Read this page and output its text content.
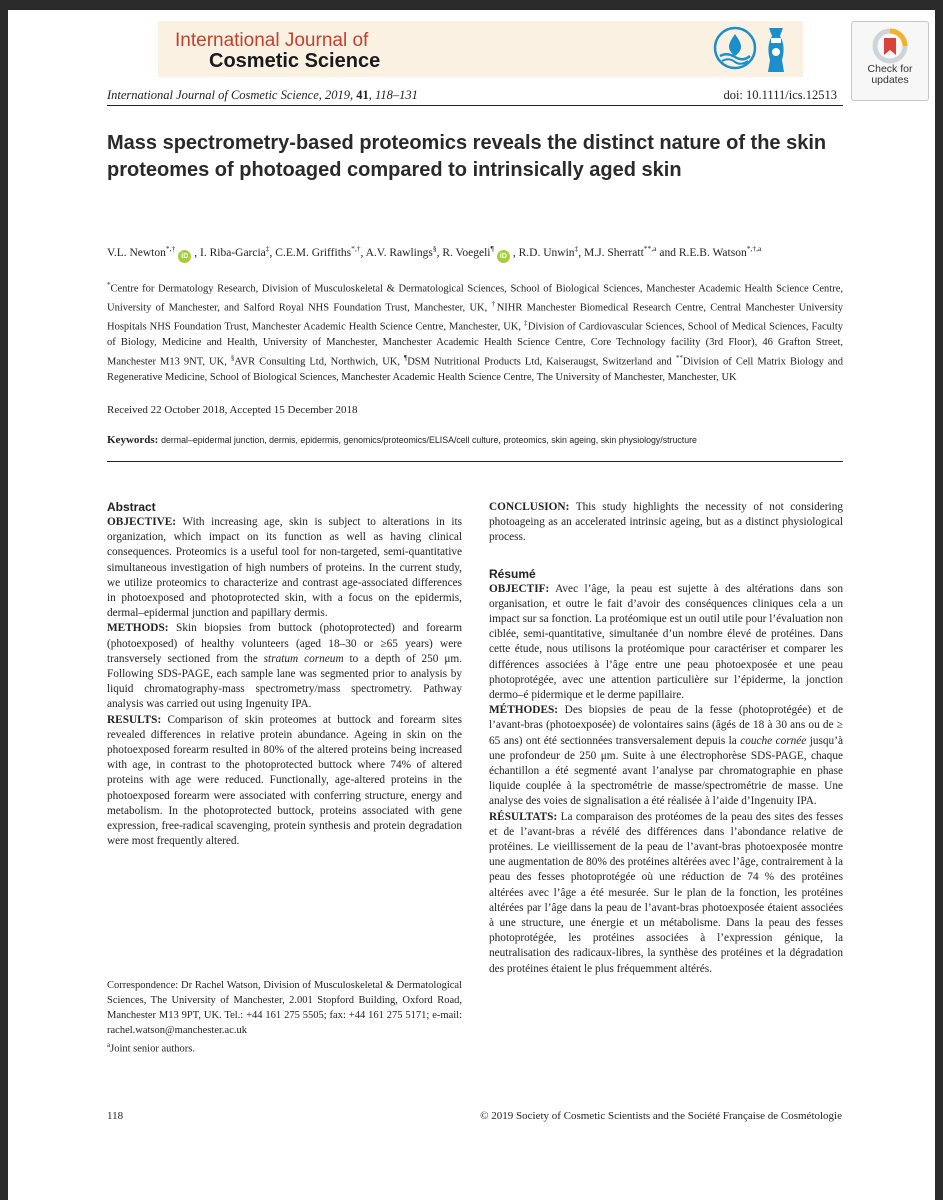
International Journal of
Cosmetic Science	Check for
updates
International Journal of Cosmetic Science, 2019, 41, 118–131	doi: 10.1111/ics.12513
Mass spectrometry-based proteomics reveals the distinct nature of the skin proteomes of photoaged compared to intrinsically aged skin
V.L. Newton*,†iD , I. Riba-Garcia‡, C.E.M. Griffiths*,†, A.V. Rawlings§, R. Voegeli¶iD , R.D. Unwin‡, M.J. Sherratt$^{**,a}$ and R.E.B. Watson$^{*,\dagger,a}$
*Centre for Dermatology Research, Division of Musculoskeletal & Dermatological Sciences, School of Biological Sciences, Manchester Academic Health Science Centre, University of Manchester, and Salford Royal NHS Foundation Trust, Manchester, UK, †NIHR Manchester Biomedical Research Centre, Central Manchester University Hospitals NHS Foundation Trust, Manchester Academic Health Science Centre, Manchester, UK, ‡Division of Cardiovascular Sciences, School of Medical Sciences, Faculty of Biology, Medicine and Health, University of Manchester, Manchester Academic Health Science Centre, Core Technology facility (3rd Floor), 46 Grafton Street, Manchester M13 9NT, UK, §AVR Consulting Ltd, Northwich, UK, ¶DSM Nutritional Products Ltd, Kaiseraugst, Switzerland and **Division of Cell Matrix Biology and Regenerative Medicine, School of Biological Sciences, Manchester Academic Health Science Centre, The University of Manchester, Manchester, UK
Received 22 October 2018, Accepted 15 December 2018
Keywords: dermal–epidermal junction, dermis, epidermis, genomics/proteomics/ELISA/cell culture, proteomics, skin ageing, skin physiology/structure

Abstract

OBJECTIVE: With increasing age, skin is subject to alterations in its organization, which impact on its function as well as having clinical consequences. Proteomics is a useful tool for non-targeted, semi-quantitative simultaneous investigation of high numbers of proteins. In the current study, we utilize proteomics to characterize and contrast age-associated differences in photoexposed and photoprotected skin, with a focus on the epidermis, dermal–epidermal junction and papillary dermis.

METHODS: Skin biopsies from buttock (photoprotected) and forearm (photoexposed) of healthy volunteers (aged 18–30 or ≥65 years) were transversely sectioned from the stratum corneum to a depth of 250 μm. Following SDS-PAGE, each sample lane was segmented prior to analysis by liquid chromatography-mass spectrometry/mass spectrometry. Pathway analysis was carried out using Ingenuity IPA.

RESULTS: Comparison of skin proteomes at buttock and forearm sites revealed differences in relative protein abundance. Ageing in skin on the photoexposed forearm resulted in 80% of the altered proteins being increased with age, in contrast to the photoprotected buttock where 74% of altered proteins with age were reduced. Functionally, age-altered proteins in the photoexposed forearm were associated with conferring structure, energy and metabolism. In the photoprotected buttock, proteins associated with gene expression, free-radical scavenging, protein synthesis and protein degradation were most frequently altered.

Correspondence: Dr Rachel Watson, Division of Musculoskeletal & Dermatological Sciences, The University of Manchester, 2.001 Stopford Building, Oxford Road, Manchester M13 9PT, UK. Tel.: +44 161 275 5505; fax: +44 161 275 5171; e-mail: rachel.watson@manchester.ac.uk

$^a$Joint senior authors.

CONCLUSION: This study highlights the necessity of not considering photoageing as an accelerated intrinsic ageing, but as a distinct physiological process.

Résumé

OBJECTIF: Avec l’âge, la peau est sujette à des altérations dans son organisation, et outre le fait d’avoir des conséquences cliniques cela a un impact sur sa fonction. La protéomique est un outil utile pour l’évaluation non ciblée, semi-quantitative, simultanée d’un nombre élevé de protéines. Dans cette étude, nous utilisons la protéomique pour caractériser et comparer les différences associées à l’âge entre une peau photoexposée et une peau photoprotégée, avec une attention particulière sur l’épiderme, la jonction dermo–é pidermique et le derme papillaire.

MÉTHODES: Des biopsies de peau de la fesse (photoprotégée) et de l’avant-bras (photoexposée) de volontaires sains (âgés de 18 à 30 ans ou de ≥ 65 ans) ont été sectionnées transversalement depuis la couche cornée jusqu’à une profondeur de 250 μm. Suite à une électrophorèse SDS-PAGE, chaque échantillon a été segmenté avant l’analyse par chromatographie en phase liquide couplée à la spectrométrie de masse/spectrométrie de masse. Une analyse des voies de signalisation a été réalisée à l’aide d’Ingenuity IPA.

RÉSULTATS: La comparaison des protéomes de la peau des sites des fesses et de l’avant-bras a révélé des différences dans l’abondance relative de protéines. Le vieillissement de la peau de l’avant-bras photoexposée montre une augmentation de 80% des protéines altérées avec l’âge, contrairement à la peau des fesses photoprotégée où une réduction de 74 % des protéines altérées avec l’âge a été mesurée. Sur le plan de la fonction, les protéines altérées par l’âge dans la peau de l’avant-bras photoexposée étaient associées à une structure, une énergie et un métabolisme. Dans la peau des fesses photoprotégée, les protéines associées à l’expression génique, la neutralisation des radicaux-libres, la synthèse des protéines et la dégradation des protéines étaient le plus fréquemment altérés.

118	© 2019 Society of Cosmetic Scientists and the Société Française de Cosmétologie
